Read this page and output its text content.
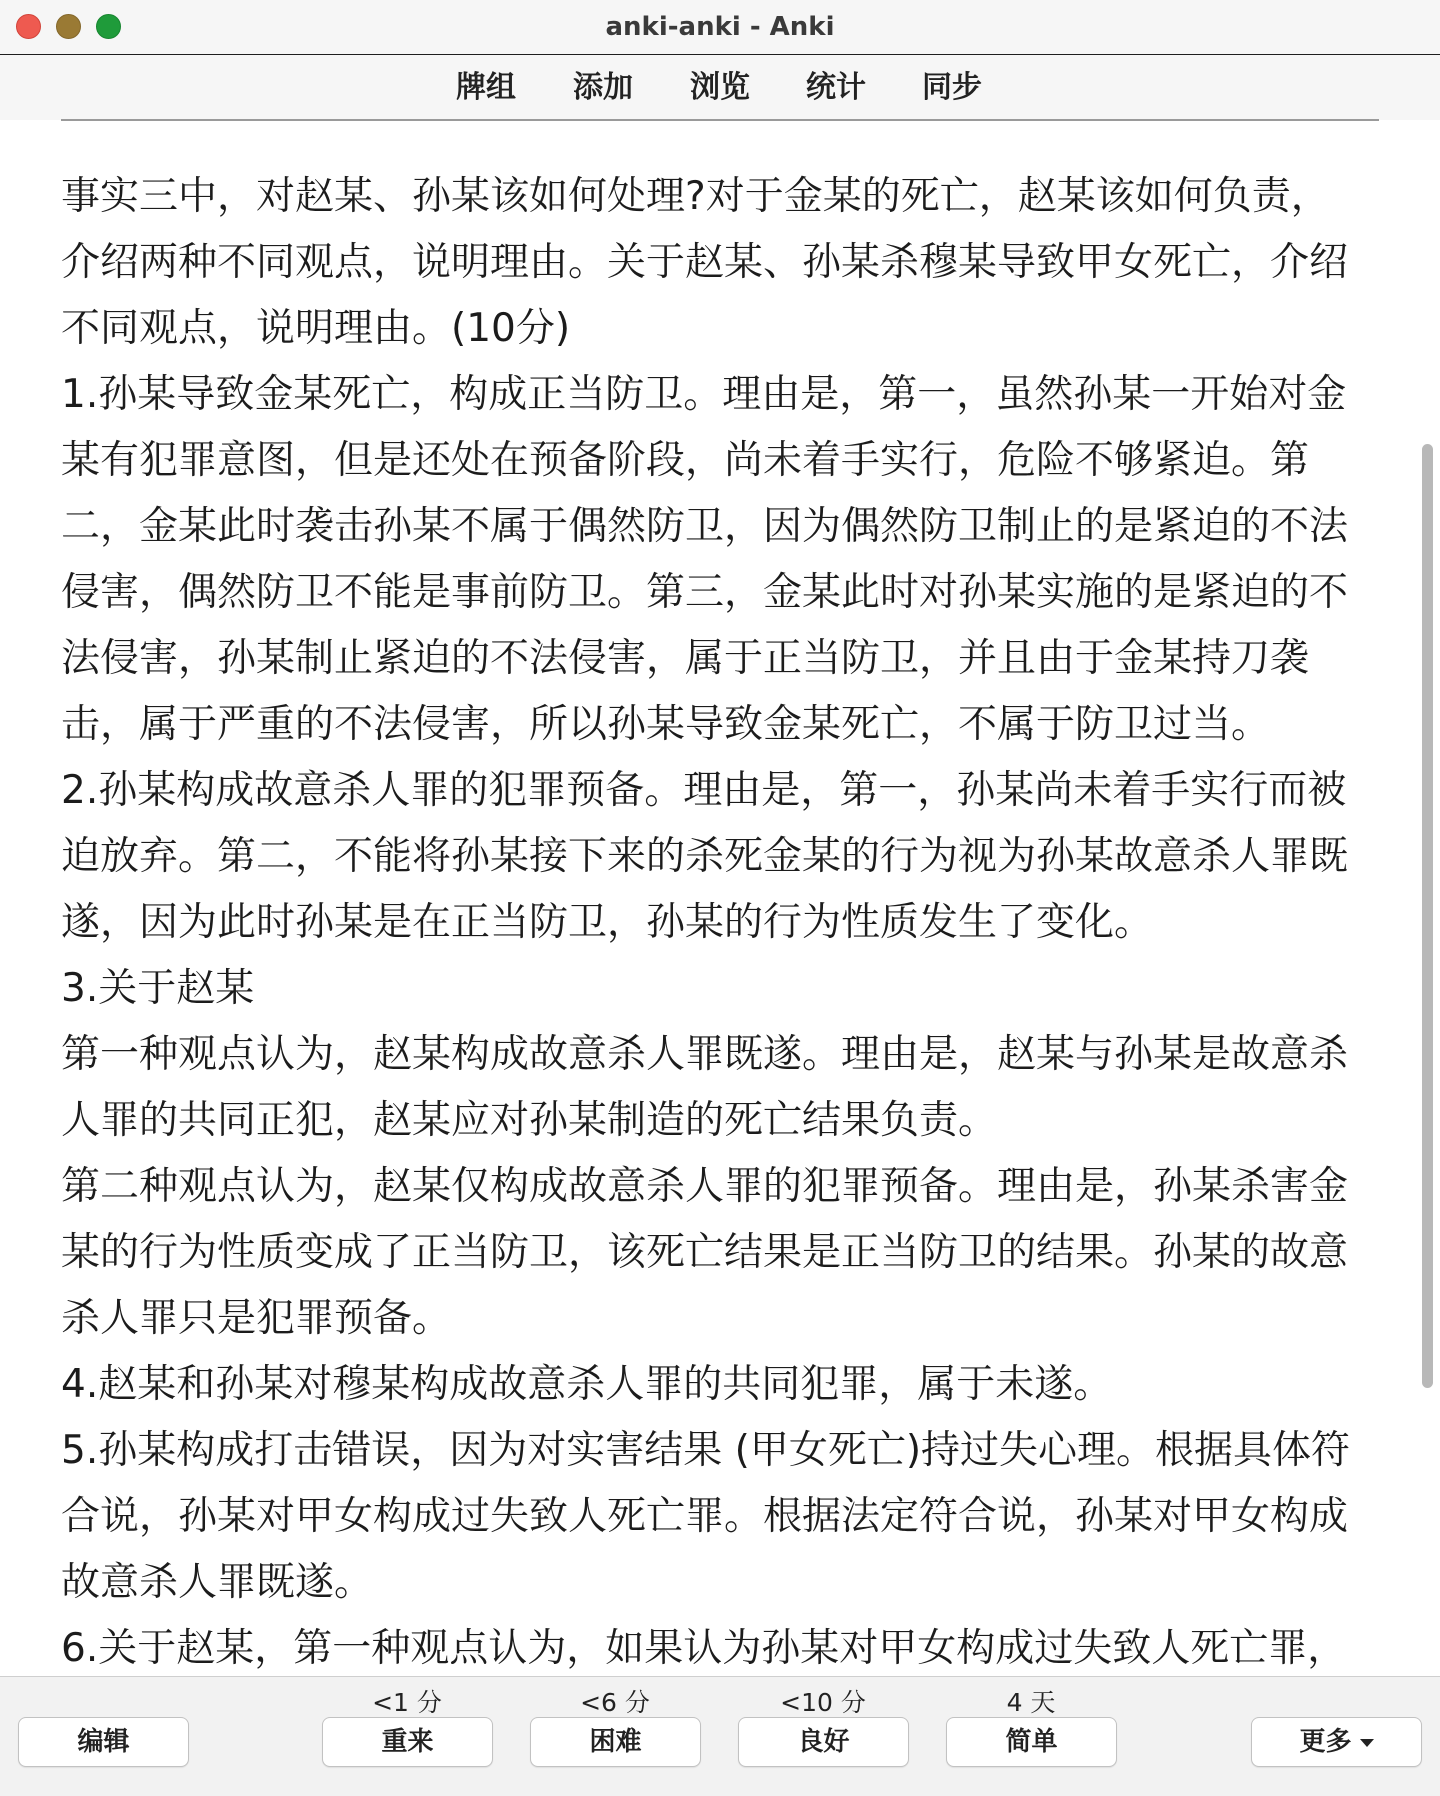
anki-anki - Anki
牌组 添加 浏览 统计 同步

事实三中，对赵某、孙某该如何处理?对于金某的死亡，赵某该如何负责，

介绍两种不同观点，说明理由。关于赵某、孙某杀穆某导致甲女死亡，介绍

不同观点，说明理由。(10分)

1.孙某导致金某死亡，构成正当防卫。理由是，第一，虽然孙某一开始对金

某有犯罪意图，但是还处在预备阶段，尚未着手实行，危险不够紧迫。第

二，金某此时袭击孙某不属于偶然防卫，因为偶然防卫制止的是紧迫的不法

侵害，偶然防卫不能是事前防卫。第三，金某此时对孙某实施的是紧迫的不

法侵害，孙某制止紧迫的不法侵害，属于正当防卫，并且由于金某持刀袭

击，属于严重的不法侵害，所以孙某导致金某死亡，不属于防卫过当。

2.孙某构成故意杀人罪的犯罪预备。理由是，第一，孙某尚未着手实行而被

迫放弃。第二，不能将孙某接下来的杀死金某的行为视为孙某故意杀人罪既

遂，因为此时孙某是在正当防卫，孙某的行为性质发生了变化。

3.关于赵某

第一种观点认为，赵某构成故意杀人罪既遂。理由是，赵某与孙某是故意杀

人罪的共同正犯，赵某应对孙某制造的死亡结果负责。

第二种观点认为，赵某仅构成故意杀人罪的犯罪预备。理由是，孙某杀害金

某的行为性质变成了正当防卫，该死亡结果是正当防卫的结果。孙某的故意

杀人罪只是犯罪预备。

4.赵某和孙某对穆某构成故意杀人罪的共同犯罪，属于未遂。

5.孙某构成打击错误，因为对实害结果 (甲女死亡)持过失心理。根据具体符

合说，孙某对甲女构成过失致人死亡罪。根据法定符合说，孙某对甲女构成

故意杀人罪既遂。

6.关于赵某，第一种观点认为，如果认为孙某对甲女构成过失致人死亡罪，

编辑
<1 分
重来
<6 分
困难
<10 分
良好
4 天
简单	更多
